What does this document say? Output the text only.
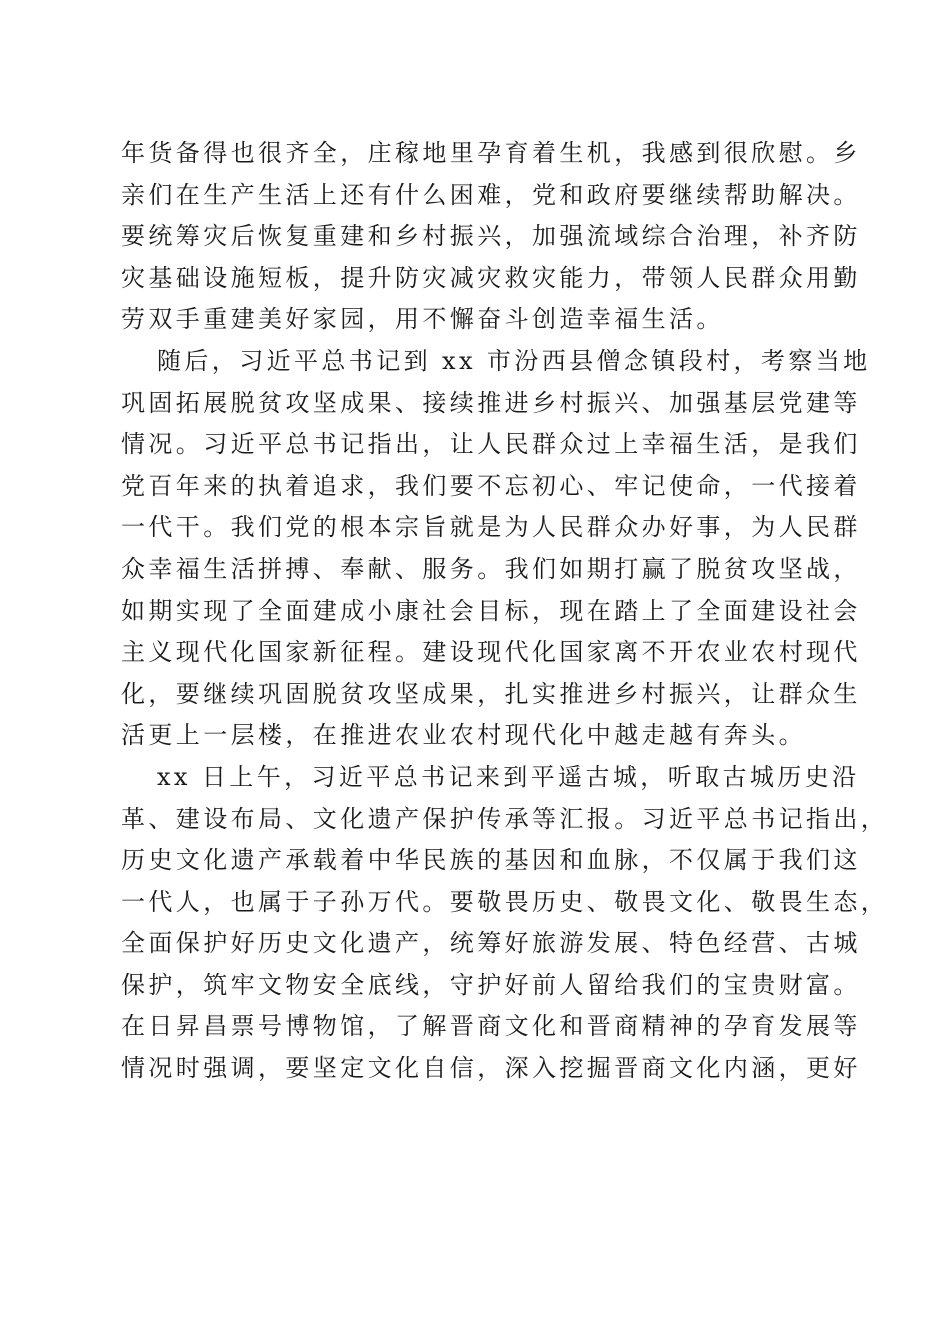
年货备得也很齐全，庄稼地里孕育着生机，我感到很欣慰。乡
亲们在生产生活上还有什么困难，党和政府要继续帮助解决。
要统筹灾后恢复重建和乡村振兴，加强流域综合治理，补齐防
灾基础设施短板，提升防灾减灾救灾能力，带领人民群众用勤
劳双手重建美好家园，用不懈奋斗创造幸福生活。
随后，习近平总书记到 xx 市汾西县僧念镇段村，考察当地
巩固拓展脱贫攻坚成果、接续推进乡村振兴、加强基层党建等
情况。习近平总书记指出，让人民群众过上幸福生活，是我们
党百年来的执着追求，我们要不忘初心、牢记使命，一代接着
一代干。我们党的根本宗旨就是为人民群众办好事，为人民群
众幸福生活拼搏、奉献、服务。我们如期打赢了脱贫攻坚战，
如期实现了全面建成小康社会目标，现在踏上了全面建设社会
主义现代化国家新征程。建设现代化国家离不开农业农村现代
化，要继续巩固脱贫攻坚成果，扎实推进乡村振兴，让群众生
活更上一层楼，在推进农业农村现代化中越走越有奔头。
xx 日上午，习近平总书记来到平遥古城，听取古城历史沿
革、建设布局、文化遗产保护传承等汇报。习近平总书记指出，
历史文化遗产承载着中华民族的基因和血脉，不仅属于我们这
一代人，也属于子孙万代。要敬畏历史、敬畏文化、敬畏生态，
全面保护好历史文化遗产，统筹好旅游发展、特色经营、古城
保护，筑牢文物安全底线，守护好前人留给我们的宝贵财富。
在日昇昌票号博物馆，了解晋商文化和晋商精神的孕育发展等
情况时强调，要坚定文化自信，深入挖掘晋商文化内涵，更好
